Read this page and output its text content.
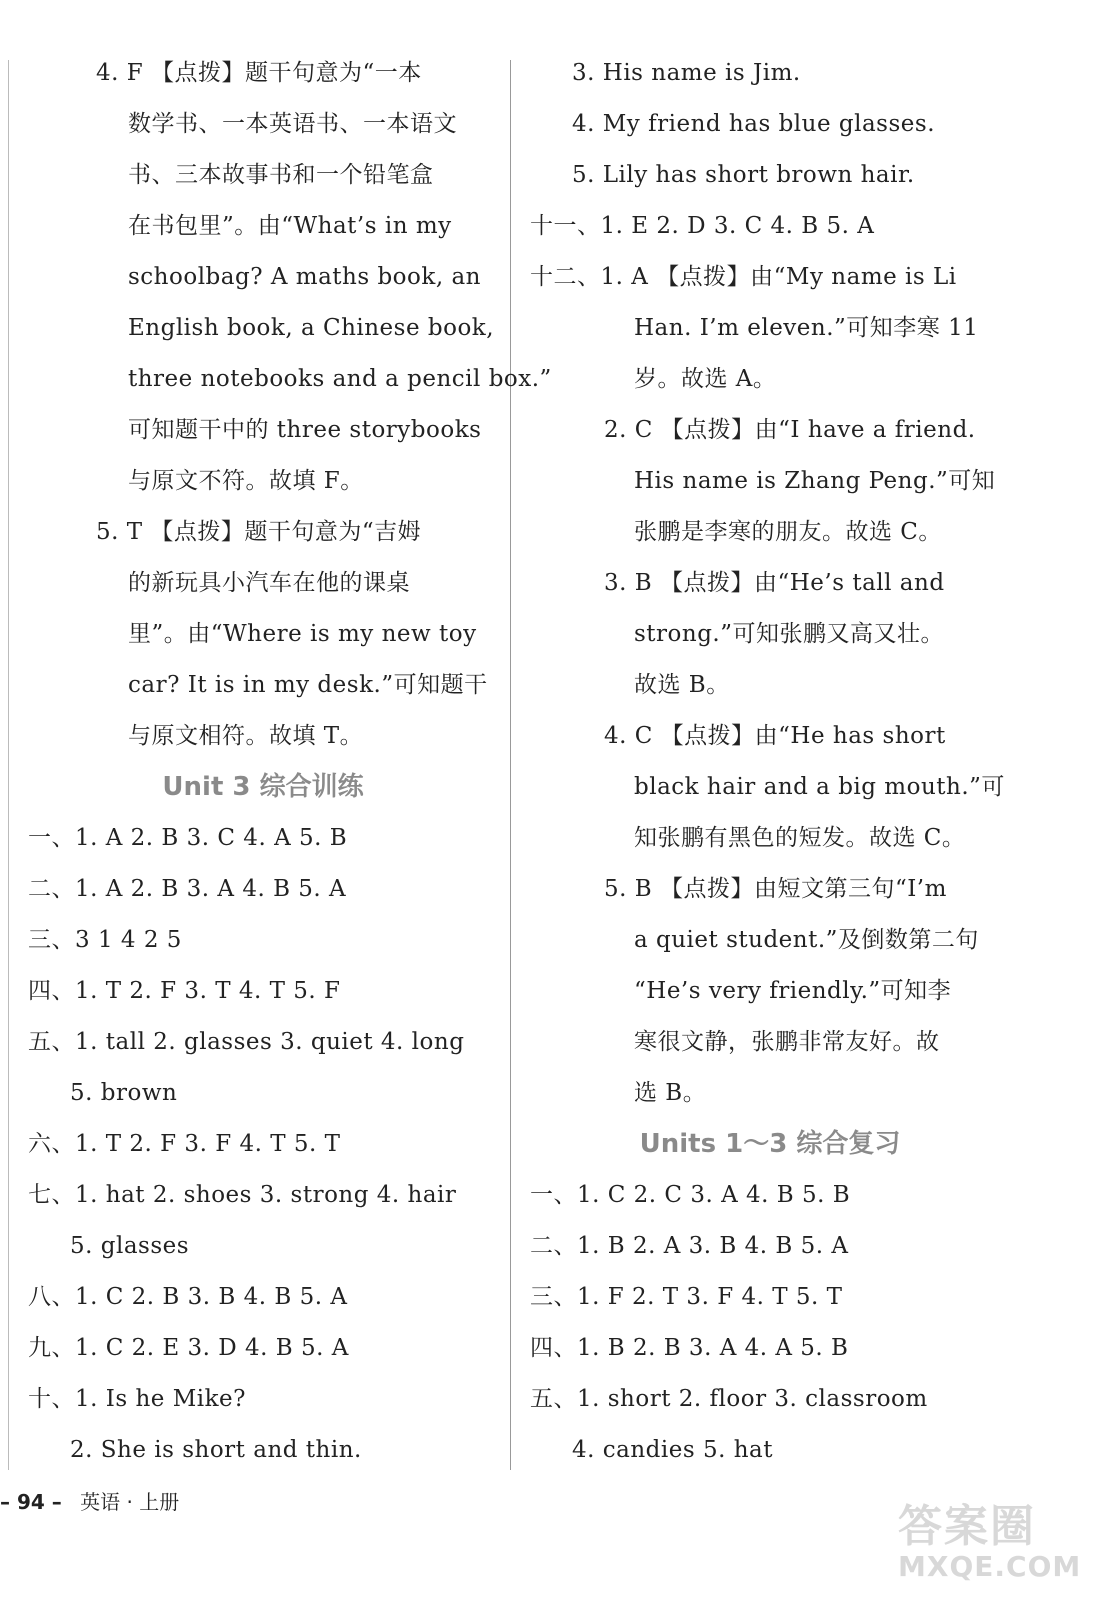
4. F 【点拨】题干句意为“一本
数学书、一本英语书、一本语文
书、三本故事书和一个铅笔盒
在书包里”。由“What’s in my
schoolbag? A maths book, an
English book, a Chinese book,
three notebooks and a pencil box.”
可知题干中的 three storybooks
与原文不符。故填 F。
5. T 【点拨】题干句意为“吉姆
的新玩具小汽车在他的课桌
里”。由“Where is my new toy
car? It is in my desk.”可知题干
与原文相符。故填 T。
Unit 3 综合训练
一、1. A 2. B 3. C 4. A 5. B
二、1. A 2. B 3. A 4. B 5. A
三、3 1 4 2 5
四、1. T 2. F 3. T 4. T 5. F
五、1. tall 2. glasses 3. quiet 4. long
5. brown
六、1. T 2. F 3. F 4. T 5. T
七、1. hat 2. shoes 3. strong 4. hair
5. glasses
八、1. C 2. B 3. B 4. B 5. A
九、1. C 2. E 3. D 4. B 5. A
十、1. Is he Mike?
2. She is short and thin.
3. His name is Jim.
4. My friend has blue glasses.
5. Lily has short brown hair.
十一、1. E 2. D 3. C 4. B 5. A
十二、1. A 【点拨】由“My name is Li
Han. I’m eleven.”可知李寒 11
岁。故选 A。
2. C 【点拨】由“I have a friend.
His name is Zhang Peng.”可知
张鹏是李寒的朋友。故选 C。
3. B 【点拨】由“He’s tall and
strong.”可知张鹏又高又壮。
故选 B。
4. C 【点拨】由“He has short
black hair and a big mouth.”可
知张鹏有黑色的短发。故选 C。
5. B 【点拨】由短文第三句“I’m
a quiet student.”及倒数第二句
“He’s very friendly.”可知李
寒很文静，张鹏非常友好。故
选 B。
Units 1～3 综合复习
一、1. C 2. C 3. A 4. B 5. B
二、1. B 2. A 3. B 4. B 5. A
三、1. F 2. T 3. F 4. T 5. T
四、1. B 2. B 3. A 4. A 5. B
五、1. short 2. floor 3. classroom
4. candies 5. hat
– 94 – 英语 · 上册	答案圈
MXQE.COM
